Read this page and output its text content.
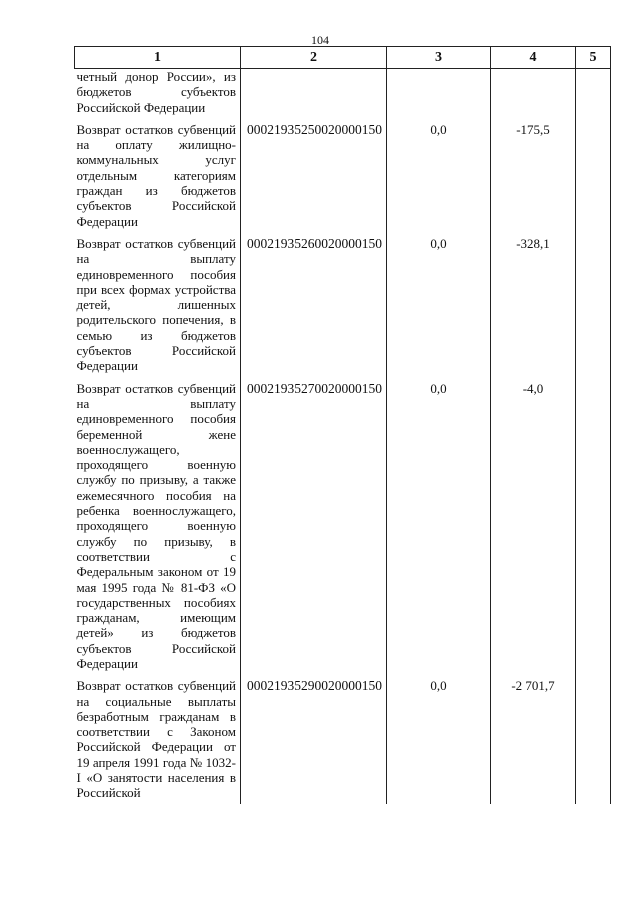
104
1	2	3	4	5
четный донор России», из бюджетов субъектов Российской Федерации				
Возврат остатков субвенций на оплату жилищно-коммунальных услуг отдельным категориям граждан из бюджетов субъектов Российской Федерации	00021935250020000150	0,0	-175,5	
Возврат остатков субвенций на выплату единовременного пособия при всех формах устройства детей, лишенных родительского попечения, в семью из бюджетов субъектов Российской Федерации	00021935260020000150	0,0	-328,1	
Возврат остатков субвенций на выплату единовременного пособия беременной жене военнослужащего, проходящего военную службу по призыву, а также ежемесячного пособия на ребенка военнослужащего, проходящего военную службу по призыву, в соответствии с Федеральным законом от 19 мая 1995 года № 81-ФЗ «О государственных пособиях гражданам, имеющим детей» из бюджетов субъектов Российской Федерации	00021935270020000150	0,0	-4,0	
Возврат остатков субвенций на социальные выплаты безработным гражданам в соответствии с Законом Российской Федерации от 19 апреля 1991 года № 1032-I «О занятости населения в Российской	00021935290020000150	0,0	-2 701,7	
